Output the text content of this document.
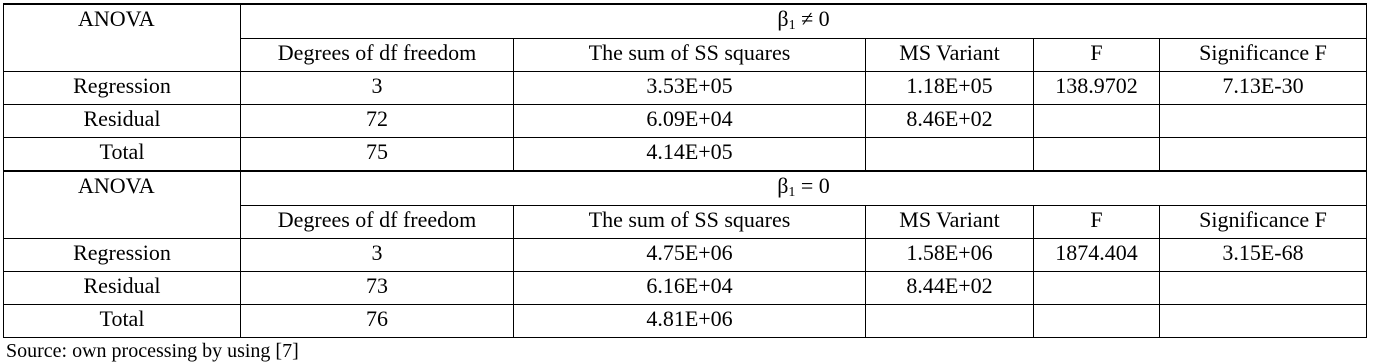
ANOVA	$\beta_1 \ne 0$				
	Degrees of df freedom	The sum of SS squares	MS Variant	F	Significance F
Regression	3	3.53E+05	1.18E+05	138.9702	7.13E-30
Residual	72	6.09E+04	8.46E+02		
Total	75	4.14E+05			
ANOVA	$\beta_1 = 0$				
	Degrees of df freedom	The sum of SS squares	MS Variant	F	Significance F
Regression	3	4.75E+06	1.58E+06	1874.404	3.15E-68
Residual	73	6.16E+04	8.44E+02		
Total	76	4.81E+06			
Source: own processing by using [7]
